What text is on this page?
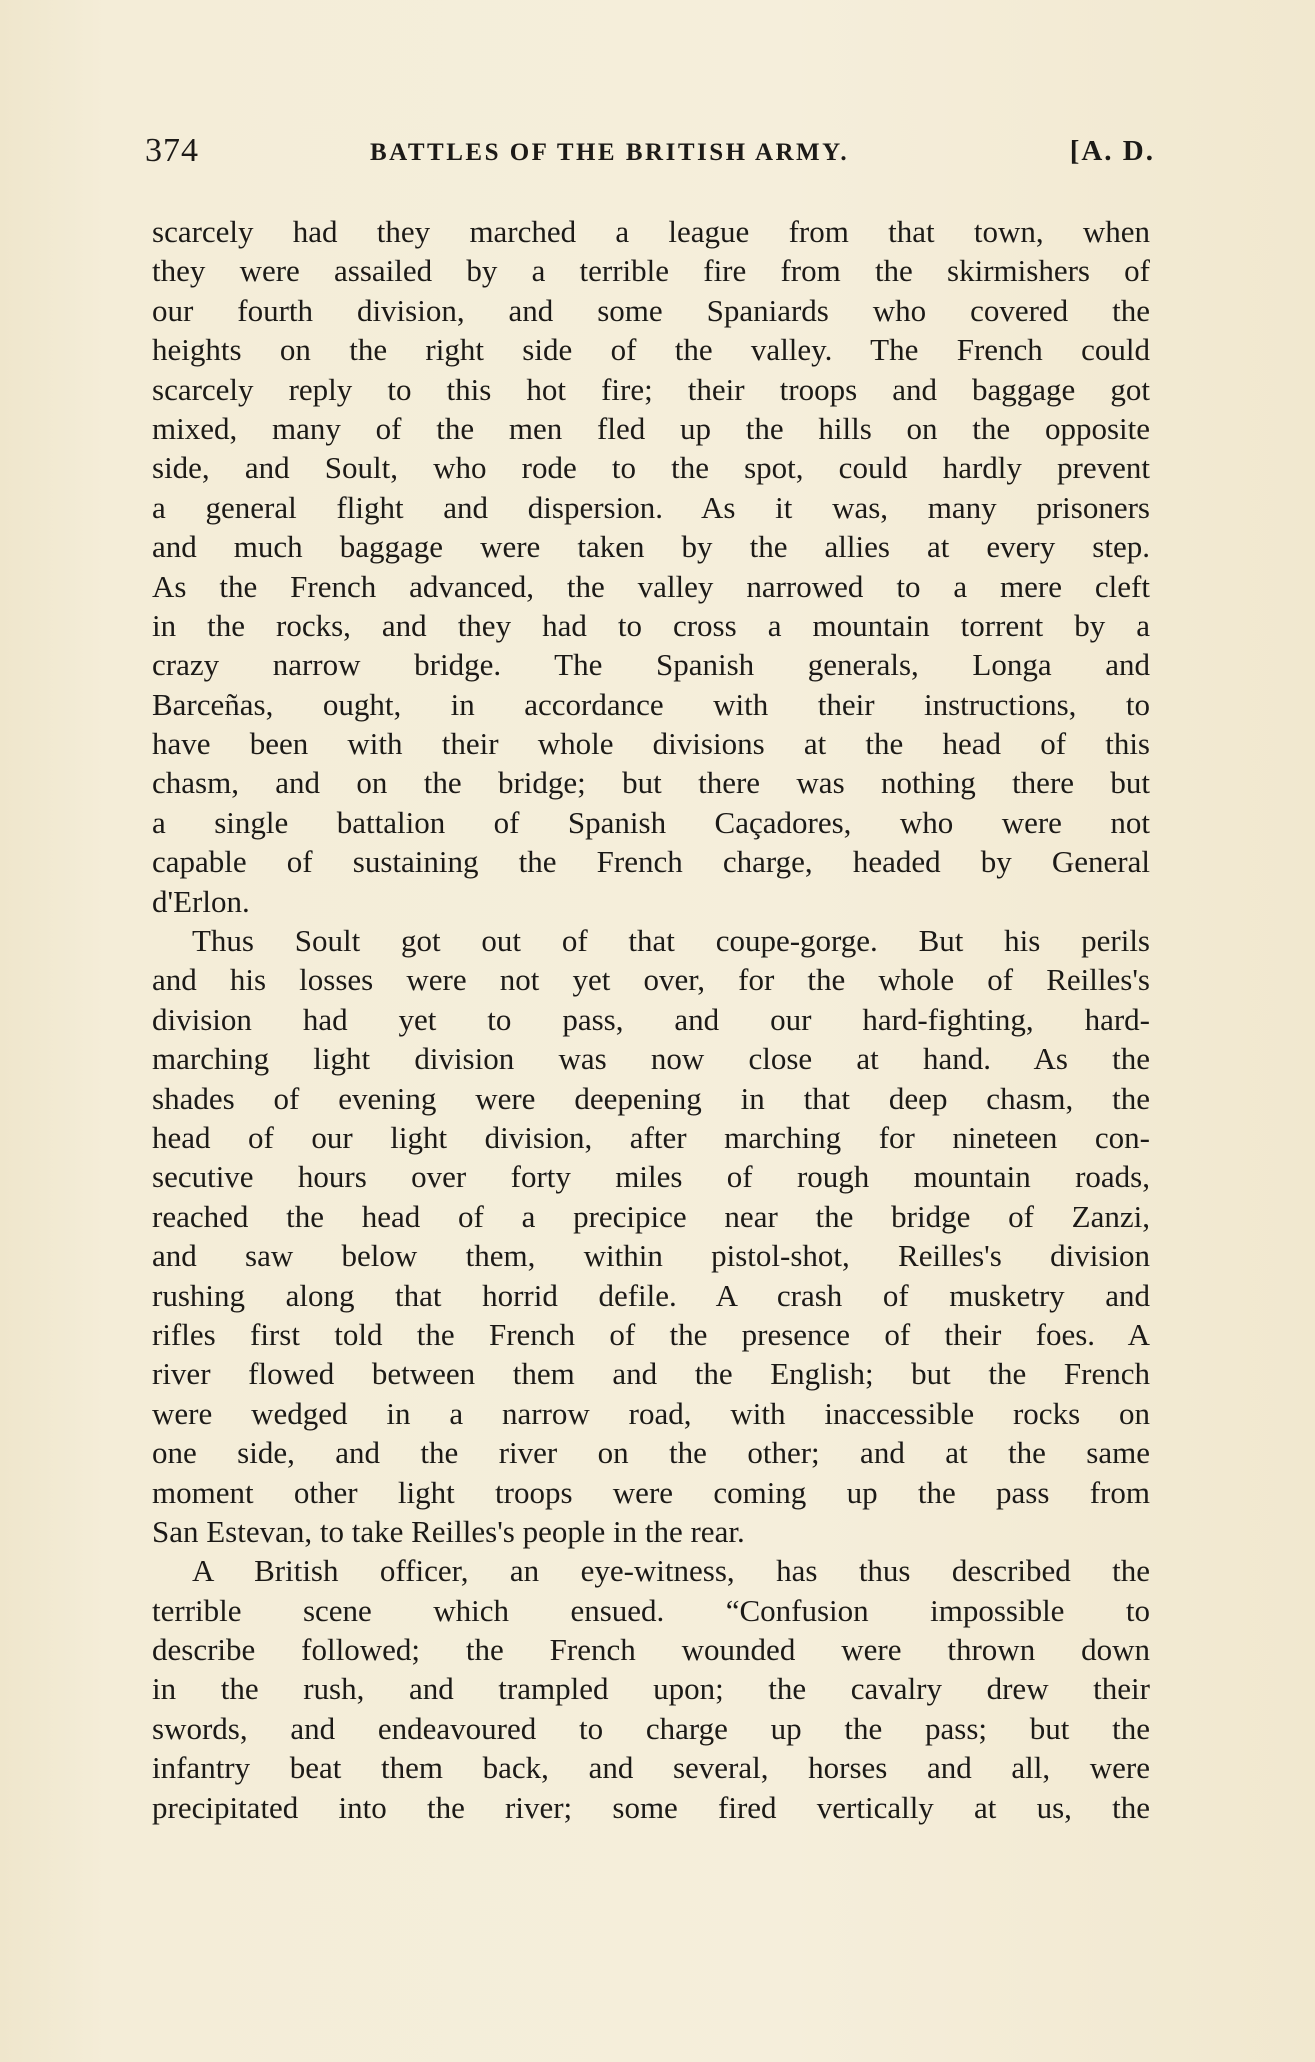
374	BATTLES OF THE BRITISH ARMY.	[A. D.
scarcely had they marched a league from that town, when
they were assailed by a terrible fire from the skirmishers of
our fourth division, and some Spaniards who covered the
heights on the right side of the valley. The French could
scarcely reply to this hot fire; their troops and baggage got
mixed, many of the men fled up the hills on the opposite
side, and Soult, who rode to the spot, could hardly prevent
a general flight and dispersion. As it was, many prisoners
and much baggage were taken by the allies at every step.
As the French advanced, the valley narrowed to a mere cleft
in the rocks, and they had to cross a mountain torrent by a
crazy narrow bridge. The Spanish generals, Longa and
Barceñas, ought, in accordance with their instructions, to
have been with their whole divisions at the head of this
chasm, and on the bridge; but there was nothing there but
a single battalion of Spanish Caçadores, who were not
capable of sustaining the French charge, headed by General
d'Erlon.
Thus Soult got out of that coupe-gorge. But his perils
and his losses were not yet over, for the whole of Reilles's
division had yet to pass, and our hard-fighting, hard-
marching light division was now close at hand. As the
shades of evening were deepening in that deep chasm, the
head of our light division, after marching for nineteen con-
secutive hours over forty miles of rough mountain roads,
reached the head of a precipice near the bridge of Zanzi,
and saw below them, within pistol-shot, Reilles's division
rushing along that horrid defile. A crash of musketry and
rifles first told the French of the presence of their foes. A
river flowed between them and the English; but the French
were wedged in a narrow road, with inaccessible rocks on
one side, and the river on the other; and at the same
moment other light troops were coming up the pass from
San Estevan, to take Reilles's people in the rear.
A British officer, an eye-witness, has thus described the
terrible scene which ensued. “Confusion impossible to
describe followed; the French wounded were thrown down
in the rush, and trampled upon; the cavalry drew their
swords, and endeavoured to charge up the pass; but the
infantry beat them back, and several, horses and all, were
precipitated into the river; some fired vertically at us, the
